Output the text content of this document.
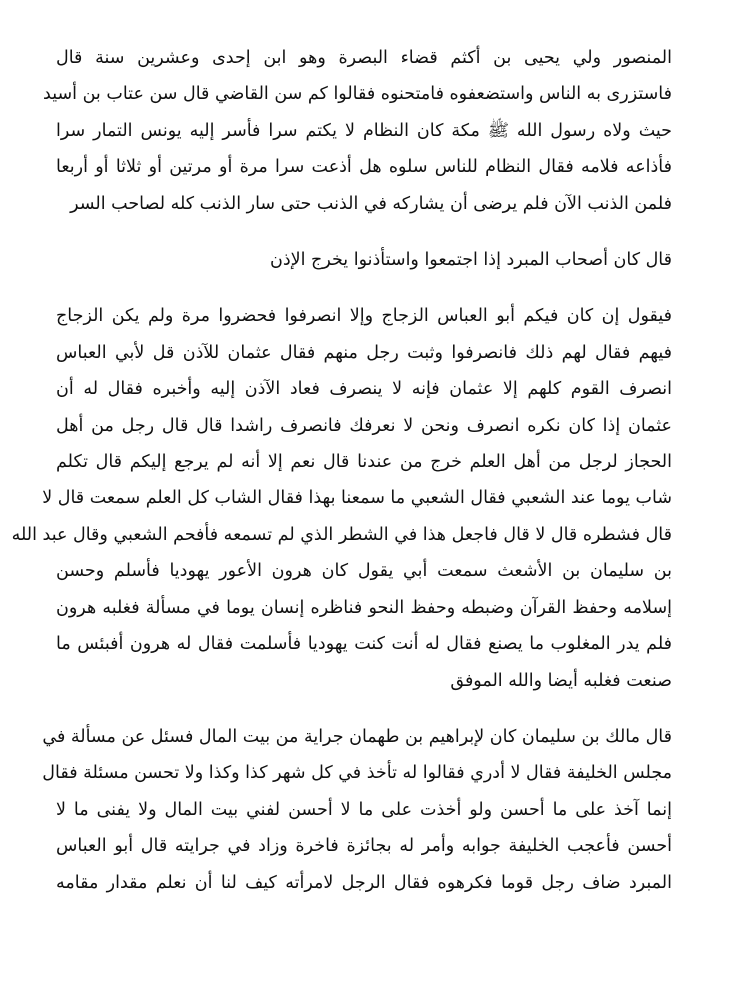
المنصور ولي يحيى بن أكثم قضاء البصرة وهو ابن إحدى وعشرين سنة قال
فاستزرى به الناس واستضعفوه فامتحنوه فقالوا كم سن القاضي قال سن عتاب بن أسيد
حيث ولاه رسول الله ﷺ مكة كان النظام لا يكتم سرا فأسر إليه يونس التمار سرا
فأذاعه فلامه فقال النظام للناس سلوه هل أذعت سرا مرة أو مرتين أو ثلاثا أو أربعا
فلمن الذنب الآن فلم يرضى أن يشاركه في الذنب حتى سار الذنب كله لصاحب السر

قال كان أصحاب المبرد إذا اجتمعوا واستأذنوا يخرج الإذن

فيقول إن كان فيكم أبو العباس الزجاج وإلا انصرفوا فحضروا مرة ولم يكن الزجاج
فيهم فقال لهم ذلك فانصرفوا وثبت رجل منهم فقال عثمان للآذن قل لأبي العباس
انصرف القوم كلهم إلا عثمان فإنه لا ينصرف فعاد الآذن إليه وأخبره فقال له أن
عثمان إذا كان نكره انصرف ونحن لا نعرفك فانصرف راشدا قال قال رجل من أهل
الحجاز لرجل من أهل العلم خرج من عندنا قال نعم إلا أنه لم يرجع إليكم قال تكلم
شاب يوما عند الشعبي فقال الشعبي ما سمعنا بهذا فقال الشاب كل العلم سمعت قال لا
قال فشطره قال لا قال فاجعل هذا في الشطر الذي لم تسمعه فأفحم الشعبي وقال عبد الله
بن سليمان بن الأشعث سمعت أبي يقول كان هرون الأعور يهوديا فأسلم وحسن
إسلامه وحفظ القرآن وضبطه وحفظ النحو فناظره إنسان يوما في مسألة فغلبه هرون
فلم يدر المغلوب ما يصنع فقال له أنت كنت يهوديا فأسلمت فقال له هرون أفبئس ما
صنعت فغلبه أيضا والله الموفق

قال مالك بن سليمان كان لإبراهيم بن طهمان جراية من بيت المال فسئل عن مسألة في
مجلس الخليفة فقال لا أدري فقالوا له تأخذ في كل شهر كذا وكذا ولا تحسن مسئلة فقال
إنما آخذ على ما أحسن ولو أخذت على ما لا أحسن لفني بيت المال ولا يفنى ما لا
أحسن فأعجب الخليفة جوابه وأمر له بجائزة فاخرة وزاد في جرايته قال أبو العباس
المبرد ضاف رجل قوما فكرهوه فقال الرجل لامرأته كيف لنا أن نعلم مقدار مقامه
